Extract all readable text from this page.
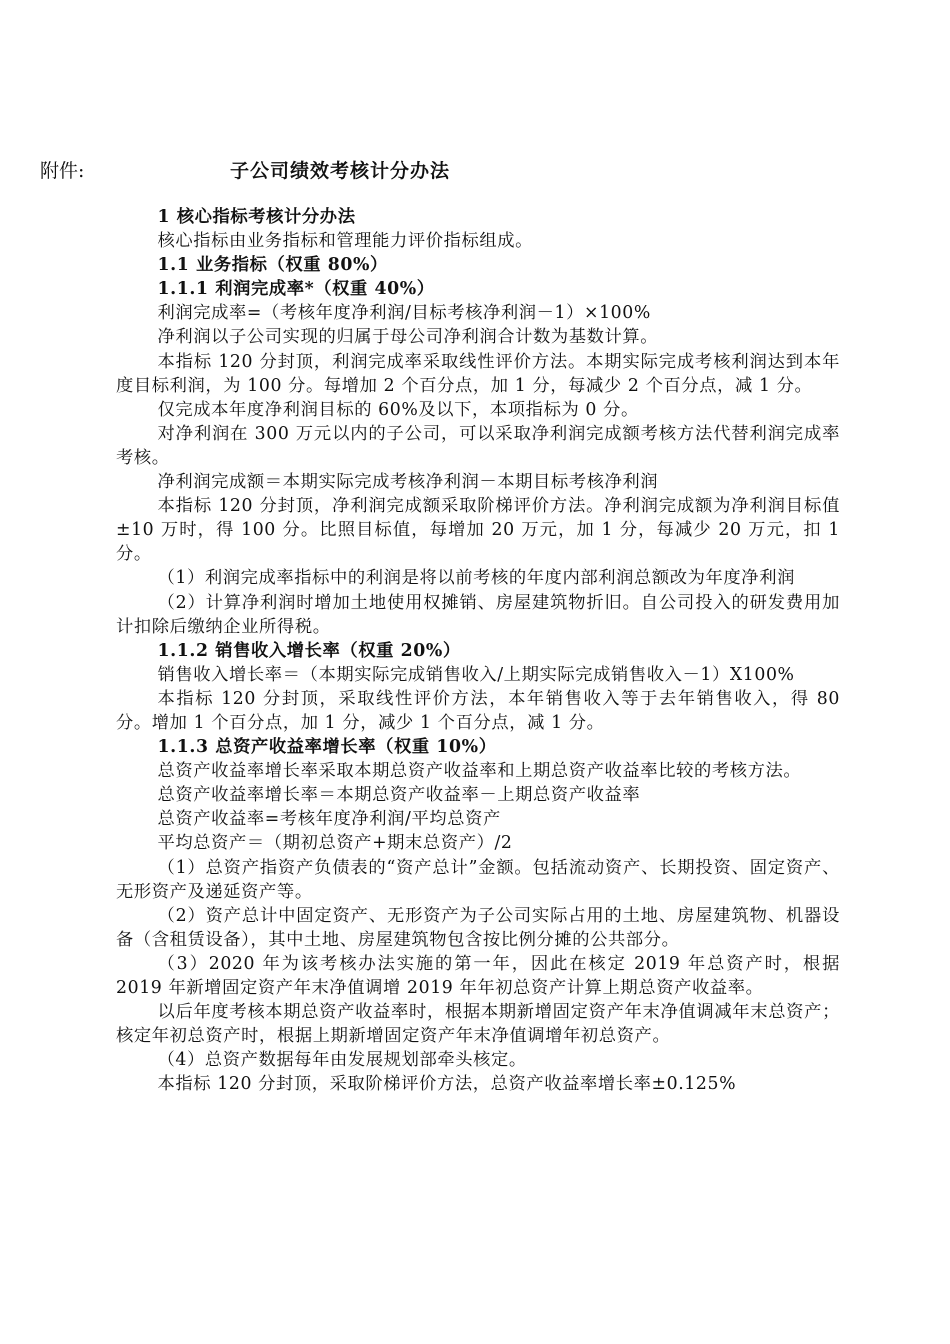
附件:	子公司绩效考核计分办法

1 核心指标考核计分办法

核心指标由业务指标和管理能力评价指标组成。

1.1 业务指标（权重 80%）

1.1.1 利润完成率*（权重 40%）

利润完成率=（考核年度净利润/目标考核净利润－1）×100%

净利润以子公司实现的归属于母公司净利润合计数为基数计算。

本指标 120 分封顶，利润完成率采取线性评价方法。本期实际完成考核利润达到本年度目标利润，为 100 分。每增加 2 个百分点，加 1 分，每减少 2 个百分点，减 1 分。

仅完成本年度净利润目标的 60%及以下，本项指标为 0 分。

对净利润在 300 万元以内的子公司，可以采取净利润完成额考核方法代替利润完成率考核。

净利润完成额＝本期实际完成考核净利润－本期目标考核净利润

本指标 120 分封顶，净利润完成额采取阶梯评价方法。净利润完成额为净利润目标值±10 万时，得 100 分。比照目标值，每增加 20 万元，加 1 分，每减少 20 万元，扣 1 分。

（1）利润完成率指标中的利润是将以前考核的年度内部利润总额改为年度净利润

（2）计算净利润时增加土地使用权摊销、房屋建筑物折旧。自公司投入的研发费用加计扣除后缴纳企业所得税。

1.1.2 销售收入增长率（权重 20%）

销售收入增长率＝（本期实际完成销售收入/上期实际完成销售收入－1）X100%

本指标 120 分封顶，采取线性评价方法，本年销售收入等于去年销售收入，得 80 分。增加 1 个百分点，加 1 分，减少 1 个百分点，减 1 分。

1.1.3 总资产收益率增长率（权重 10%）

总资产收益率增长率采取本期总资产收益率和上期总资产收益率比较的考核方法。

总资产收益率增长率＝本期总资产收益率－上期总资产收益率

总资产收益率=考核年度净利润/平均总资产

平均总资产＝（期初总资产+期末总资产）/2

（1）总资产指资产负债表的“资产总计”金额。包括流动资产、长期投资、固定资产、无形资产及递延资产等。

（2）资产总计中固定资产、无形资产为子公司实际占用的土地、房屋建筑物、机器设备（含租赁设备），其中土地、房屋建筑物包含按比例分摊的公共部分。

（3）2020 年为该考核办法实施的第一年，因此在核定 2019 年总资产时，根据 2019 年新增固定资产年末净值调增 2019 年年初总资产计算上期总资产收益率。

以后年度考核本期总资产收益率时，根据本期新增固定资产年末净值调减年末总资产；核定年初总资产时，根据上期新增固定资产年末净值调增年初总资产。

（4）总资产数据每年由发展规划部牵头核定。

本指标 120 分封顶，采取阶梯评价方法，总资产收益率增长率±0.125%
